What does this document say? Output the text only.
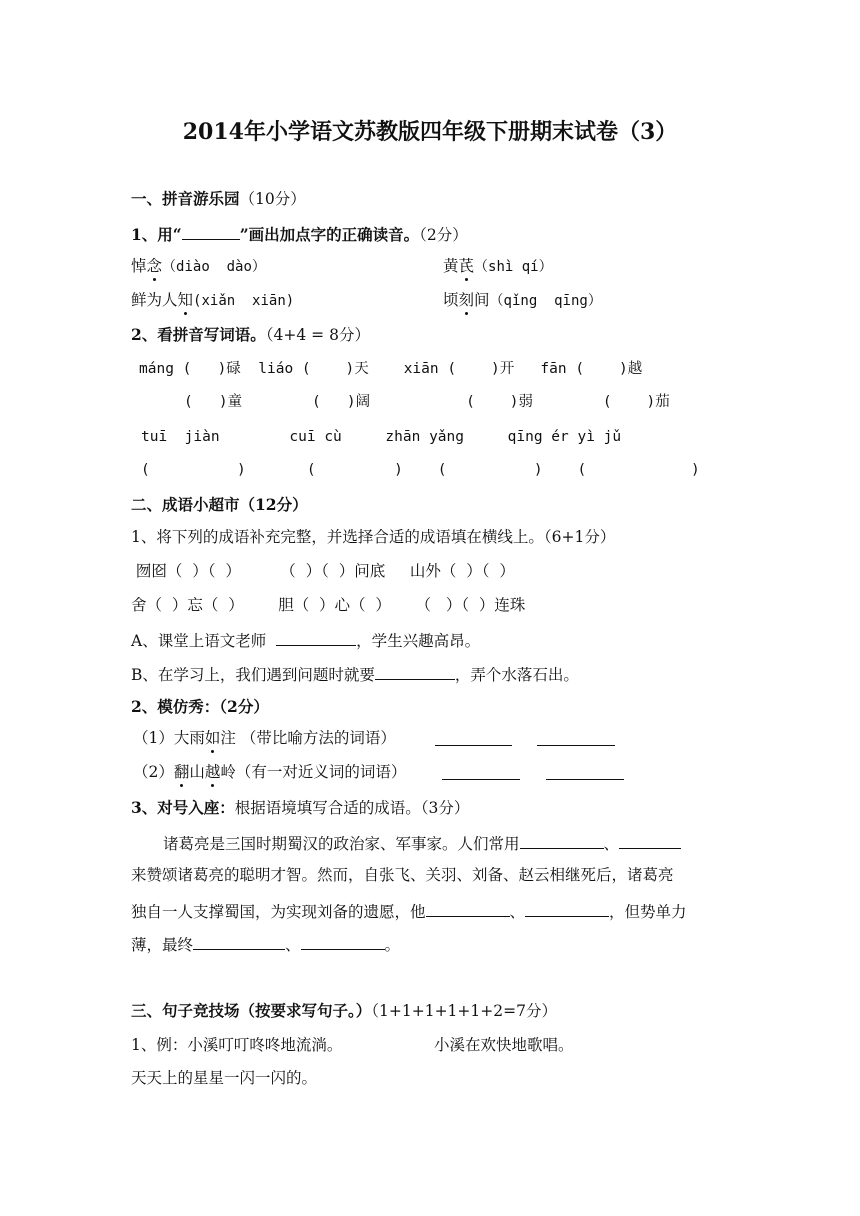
2014年小学语文苏教版四年级下册期末试卷（3）
一、拼音游乐园（10分）
1、用“	”画出加点字的正确读音。（2分）
悼念（diào  dào）	黄芪（shì qí）
鲜为人知(xiǎn  xiān)	顷刻间（qǐng  qīng）
2、看拼音写词语。（4+4 = 8分）
máng (   )碌  liáo (    )天    xiān (    )开   fān (    )越
(   )童        (   )阔           (    )弱        (    )茄
tuī  jiàn        cuī cù     zhān yǎng     qīng ér yì jǔ
(          )       (         )    (          )    (            )
二、成语小超市（12分）
1、将下列的成语补充完整，并选择合适的成语填在横线上。（6+1分）
囫囵（  ）（  ）        （  ）（  ）问底     山外（  ）（  ）
舍（  ）忘（  ）       胆（  ）心（  ）     （   ）（  ）连珠
A、课堂上语文老师	，学生兴趣高昂。
B、在学习上，我们遇到问题时就要	，弄个水落石出。
2、模仿秀：（2分）
（1）大雨如注 （带比喻方法的词语）
（2）翻山越岭（有一对近义词的词语）
3、对号入座：根据语境填写合适的成语。（3分）
诸葛亮是三国时期蜀汉的政治家、军事家。人们常用	、
来赞颂诸葛亮的聪明才智。然而，自张飞、关羽、刘备、赵云相继死后，诸葛亮
独自一人支撑蜀国，为实现刘备的遗愿，他	、	，但势单力
薄，最终	、	。
三、句子竞技场（按要求写句子。）（1+1+1+1+1+2=7分）
1、例：小溪叮叮咚咚地流淌。	小溪在欢快地歌唱。
天天上的星星一闪一闪的。
